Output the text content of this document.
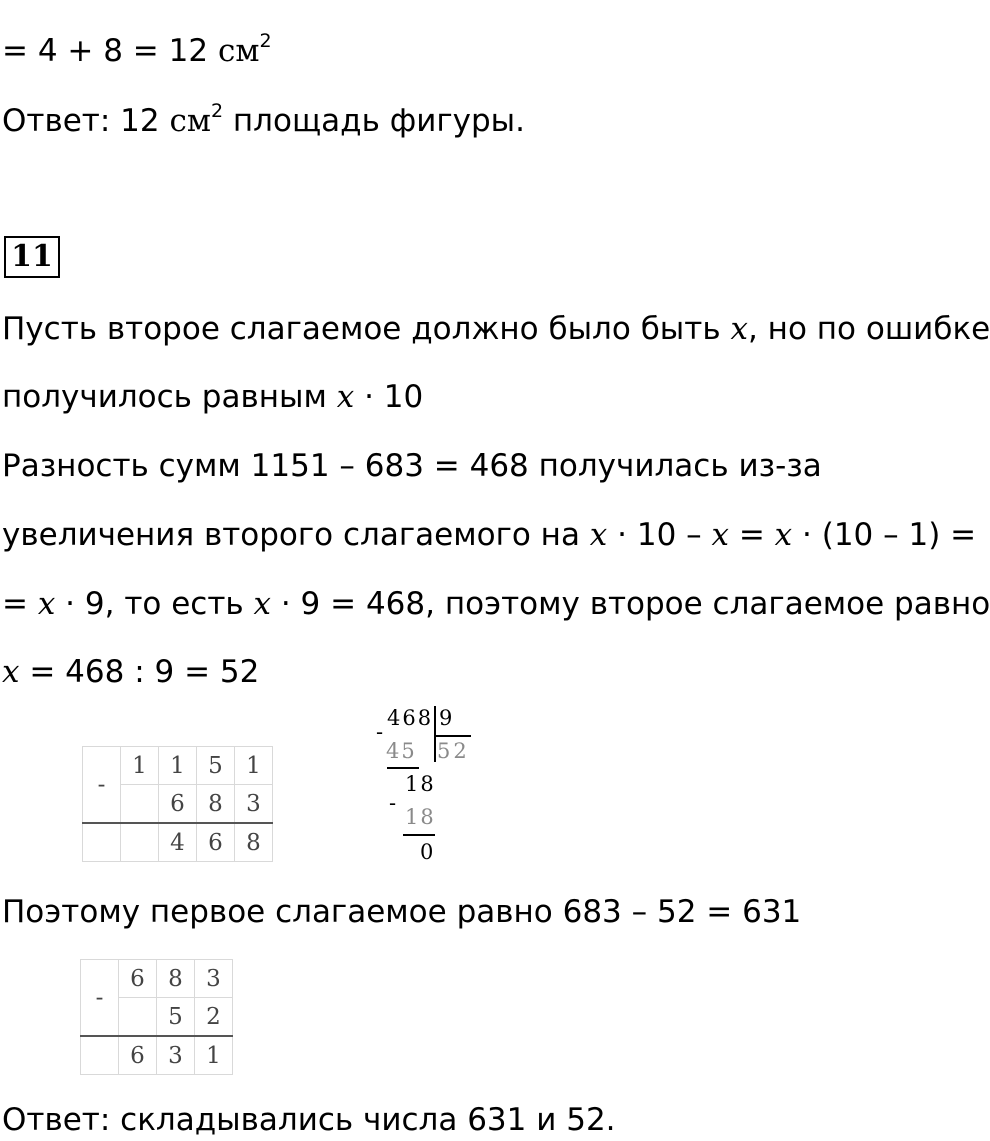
= 4 + 8 = 12 $см^2$
Ответ: 12 $см^2$ площадь фигуры.
11
Пусть второе слагаемое должно было быть x, но по ошибке
получилось равным x · 10
Разность сумм 1151 – 683 = 468 получилась из-за
увеличения второго слагаемого на x · 10 – x = x · (10 – 1) =
= x · 9, то есть x · 9 = 468, поэтому второе слагаемое равно
x = 468 : 9 = 52
-	1	1	5	1
		6	8	3
		4	6	8
-
468 9
45 52
18
-
18
0
Поэтому первое слагаемое равно 683 – 52 = 631
-	6	8	3
		5	2
	6	3	1
Ответ: складывались числа 631 и 52.
